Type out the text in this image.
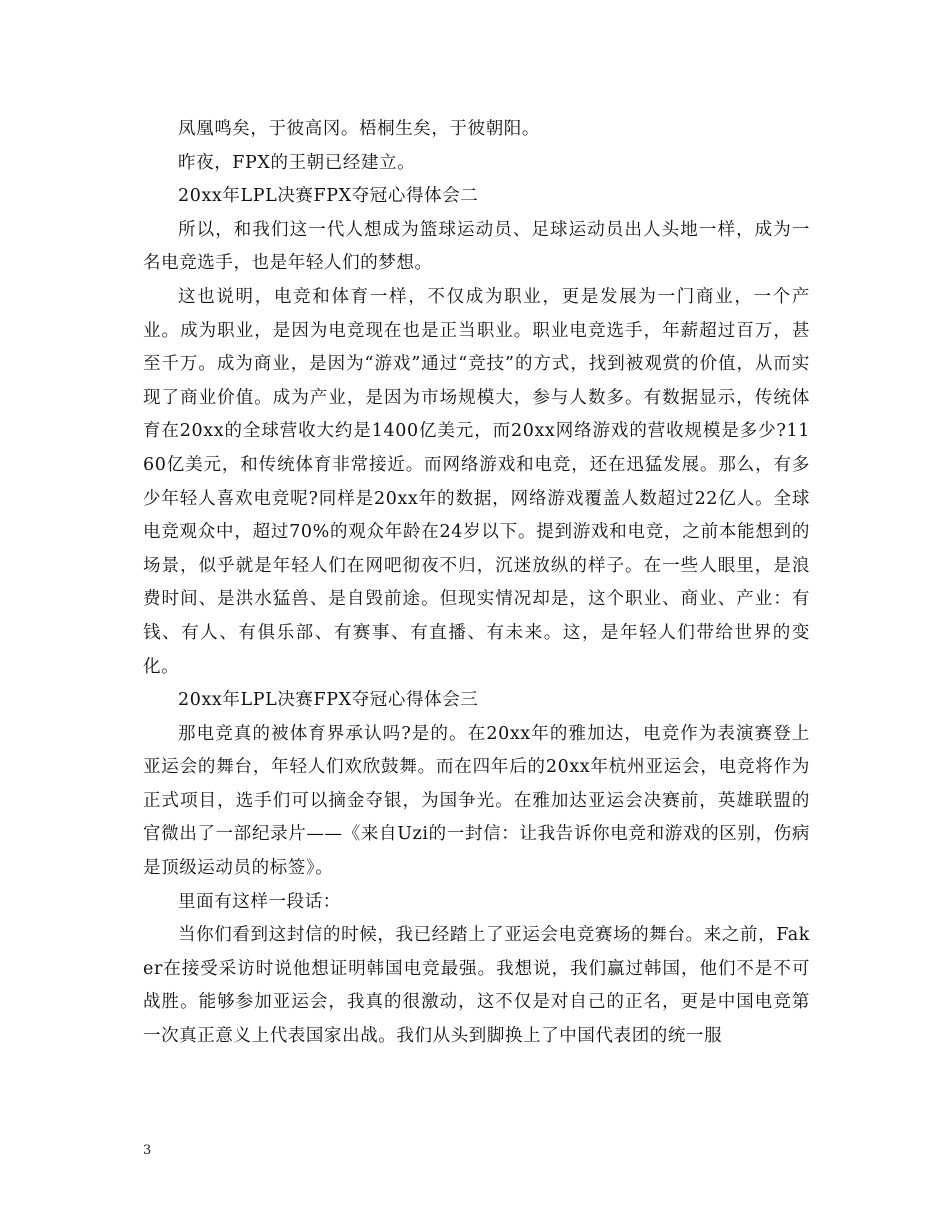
凤凰鸣矣，于彼高冈。梧桐生矣，于彼朝阳。

昨夜，FPX的王朝已经建立。

20xx年LPL决赛FPX夺冠心得体会二

所以，和我们这一代人想成为篮球运动员、足球运动员出人头地一样，成为一名电竞选手，也是年轻人们的梦想。

这也说明，电竞和体育一样，不仅成为职业，更是发展为一门商业，一个产业。成为职业，是因为电竞现在也是正当职业。职业电竞选手，年薪超过百万，甚至千万。成为商业，是因为“游戏”通过“竞技”的方式，找到被观赏的价值，从而实现了商业价值。成为产业，是因为市场规模大，参与人数多。有数据显示，传统体育在20xx的全球营收大约是1400亿美元，而20xx网络游戏的营收规模是多少?1160亿美元，和传统体育非常接近。而网络游戏和电竞，还在迅猛发展。那么，有多少年轻人喜欢电竞呢?同样是20xx年的数据，网络游戏覆盖人数超过22亿人。全球电竞观众中，超过70%的观众年龄在24岁以下。提到游戏和电竞，之前本能想到的场景，似乎就是年轻人们在网吧彻夜不归，沉迷放纵的样子。在一些人眼里，是浪费时间、是洪水猛兽、是自毁前途。但现实情况却是，这个职业、商业、产业：有钱、有人、有俱乐部、有赛事、有直播、有未来。这，是年轻人们带给世界的变化。

20xx年LPL决赛FPX夺冠心得体会三

那电竞真的被体育界承认吗?是的。在20xx年的雅加达，电竞作为表演赛登上亚运会的舞台，年轻人们欢欣鼓舞。而在四年后的20xx年杭州亚运会，电竞将作为正式项目，选手们可以摘金夺银，为国争光。在雅加达亚运会决赛前，英雄联盟的官微出了一部纪录片——《来自Uzi的一封信：让我告诉你电竞和游戏的区别，伤病是顶级运动员的标签》。

里面有这样一段话：

当你们看到这封信的时候，我已经踏上了亚运会电竞赛场的舞台。来之前，Faker在接受采访时说他想证明韩国电竞最强。我想说，我们赢过韩国，他们不是不可战胜。能够参加亚运会，我真的很激动，这不仅是对自己的正名，更是中国电竞第一次真正意义上代表国家出战。我们从头到脚换上了中国代表团的统一服

3
